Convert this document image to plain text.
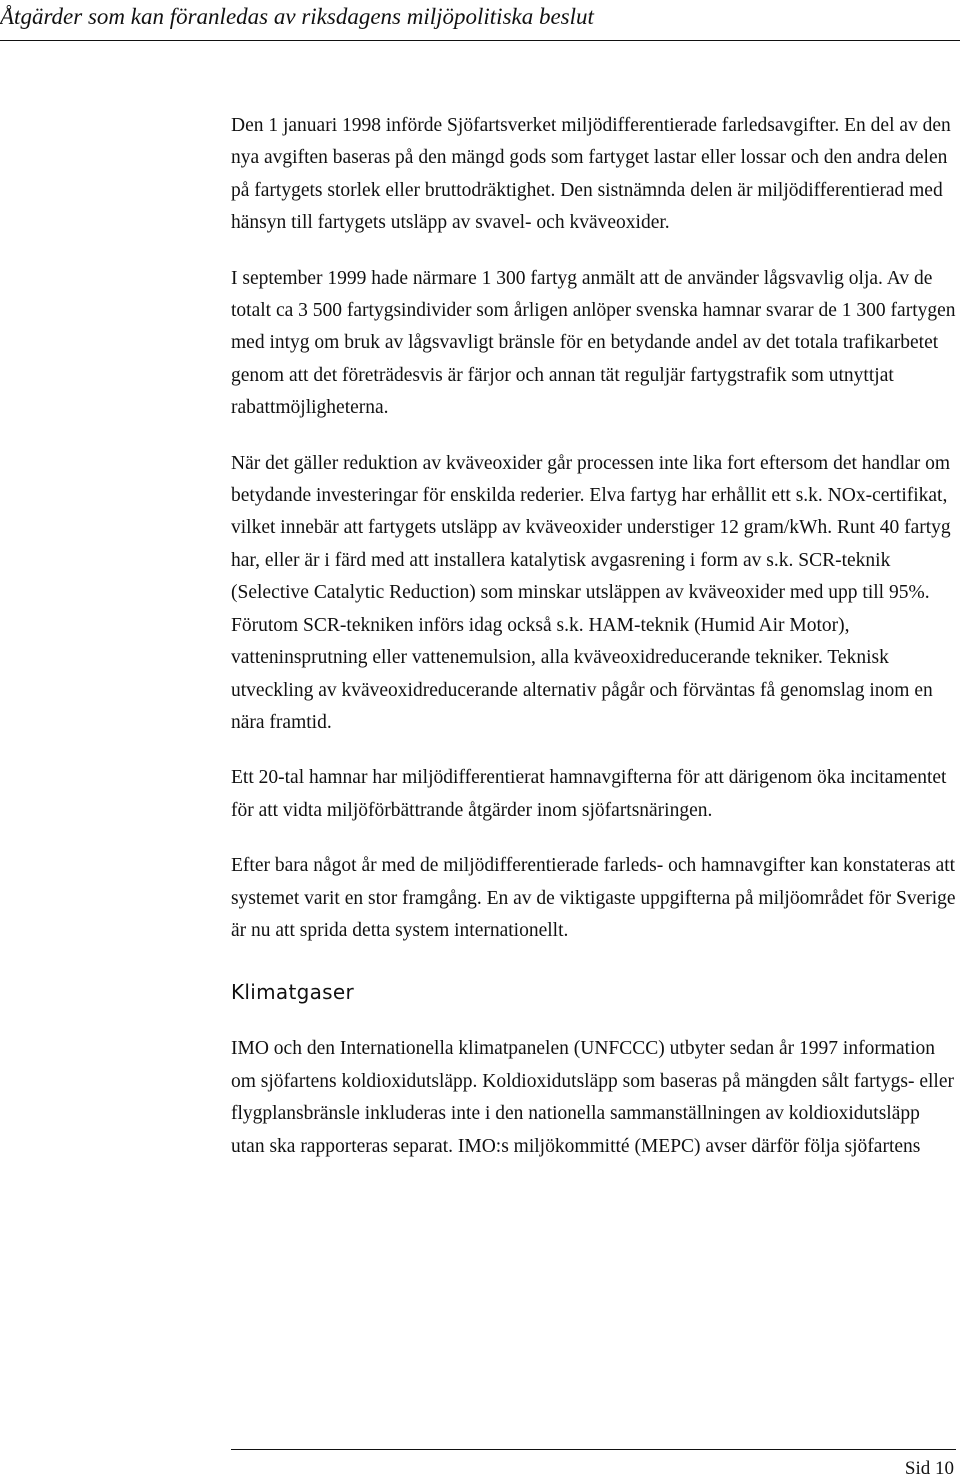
Åtgärder som kan föranledas av riksdagens miljöpolitiska beslut

Den 1 januari 1998 införde Sjöfartsverket miljödifferentierade farledsavgifter. En del av den nya avgiften baseras på den mängd gods som fartyget lastar eller lossar och den andra delen på fartygets storlek eller bruttodräktighet. Den sistnämnda delen är miljödifferentierad med hänsyn till fartygets utsläpp av svavel- och kväveoxider.

I september 1999 hade närmare 1 300 fartyg anmält att de använder lågsvavlig olja. Av de totalt ca 3 500 fartygsindivider som årligen anlöper svenska hamnar svarar de 1 300 fartygen med intyg om bruk av lågsvavligt bränsle för en betydande andel av det totala trafikarbetet genom att det företrädesvis är färjor och annan tät reguljär fartygstrafik som utnyttjat rabattmöjligheterna.

När det gäller reduktion av kväveoxider går processen inte lika fort eftersom det handlar om betydande investeringar för enskilda rederier. Elva fartyg har erhållit ett s.k. NOx-certifikat, vilket innebär att fartygets utsläpp av kväveoxider understiger 12 gram/kWh. Runt 40 fartyg har, eller är i färd med att installera katalytisk avgasrening i form av s.k. SCR-teknik (Selective Catalytic Reduction) som minskar utsläppen av kväveoxider med upp till 95%. Förutom SCR-tekniken införs idag också s.k. HAM-teknik (Humid Air Motor), vatteninsprutning eller vattenemulsion, alla kväveoxidreducerande tekniker. Teknisk utveckling av kväveoxidreducerande alternativ pågår och förväntas få genomslag inom en nära framtid.

Ett 20-tal hamnar har miljödifferentierat hamnavgifterna för att därigenom öka incitamentet för att vidta miljöförbättrande åtgärder inom sjöfartsnäringen.

Efter bara något år med de miljödifferentierade farleds- och hamnavgifter kan konstateras att systemet varit en stor framgång. En av de viktigaste uppgifterna på miljöområdet för Sverige är nu att sprida detta system internationellt.

Klimatgaser

IMO och den Internationella klimatpanelen (UNFCCC) utbyter sedan år 1997 information om sjöfartens koldioxidutsläpp. Koldioxidutsläpp som baseras på mängden sålt fartygs- eller flygplansbränsle inkluderas inte i den nationella sammanställningen av koldioxidutsläpp utan ska rapporteras separat. IMO:s miljökommitté (MEPC) avser därför följa sjöfartens

Sid 10
